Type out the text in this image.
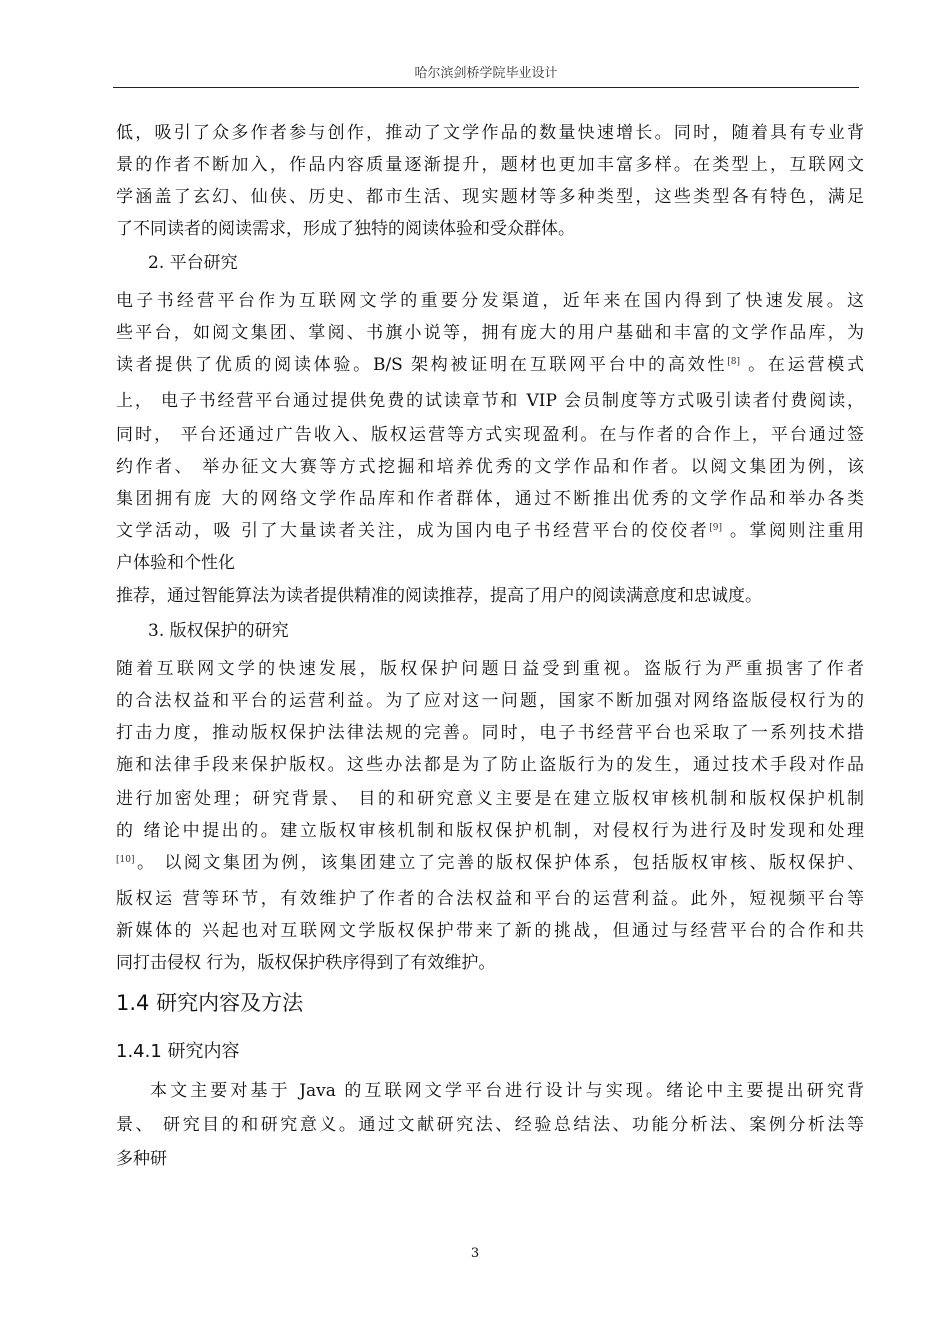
哈尔滨剑桥学院毕业设计
低，吸引了众多作者参与创作，推动了文学作品的数量快速增长。同时，随着具有专业背
景的作者不断加入，作品内容质量逐渐提升，题材也更加丰富多样。在类型上，互联网文
学涵盖了玄幻、仙侠、历史、都市生活、现实题材等多种类型，这些类型各有特色，满足
了不同读者的阅读需求，形成了独特的阅读体验和受众群体。
2. 平台研究
电子书经营平台作为互联网文学的重要分发渠道，近年来在国内得到了快速发展。这
些平台，如阅文集团、掌阅、书旗小说等，拥有庞大的用户基础和丰富的文学作品库，为
读者提供了优质的阅读体验。B/S 架构被证明在互联网平台中的高效性[8] 。在运营模式
上， 电子书经营平台通过提供免费的试读章节和 VIP 会员制度等方式吸引读者付费阅读，
同时， 平台还通过广告收入、版权运营等方式实现盈利。在与作者的合作上，平台通过签
约作者、 举办征文大赛等方式挖掘和培养优秀的文学作品和作者。以阅文集团为例，该
集团拥有庞 大的网络文学作品库和作者群体，通过不断推出优秀的文学作品和举办各类
文学活动，吸 引了大量读者关注，成为国内电子书经营平台的佼佼者[9] 。掌阅则注重用
户体验和个性化
推荐，通过智能算法为读者提供精准的阅读推荐，提高了用户的阅读满意度和忠诚度。
3. 版权保护的研究
随着互联网文学的快速发展，版权保护问题日益受到重视。盗版行为严重损害了作者
的合法权益和平台的运营利益。为了应对这一问题，国家不断加强对网络盗版侵权行为的
打击力度，推动版权保护法律法规的完善。同时，电子书经营平台也采取了一系列技术措
施和法律手段来保护版权。这些办法都是为了防止盗版行为的发生，通过技术手段对作品
进行加密处理；研究背景、 目的和研究意义主要是在建立版权审核机制和版权保护机制
的 绪论中提出的。建立版权审核机制和版权保护机制，对侵权行为进行及时发现和处理
[10]。 以阅文集团为例，该集团建立了完善的版权保护体系，包括版权审核、版权保护、
版权运 营等环节，有效维护了作者的合法权益和平台的运营利益。此外，短视频平台等
新媒体的 兴起也对互联网文学版权保护带来了新的挑战，但通过与经营平台的合作和共
同打击侵权 行为，版权保护秩序得到了有效维护。
1.4 研究内容及方法
1.4.1 研究内容
本文主要对基于 Java 的互联网文学平台进行设计与实现。绪论中主要提出研究背
景、 研究目的和研究意义。通过文献研究法、经验总结法、功能分析法、案例分析法等
多种研
3
